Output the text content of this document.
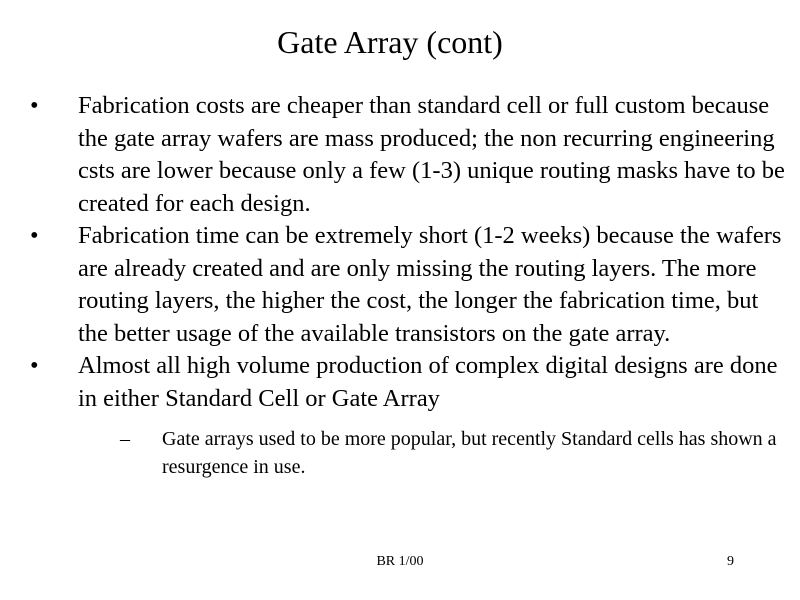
Gate Array (cont)
•	Fabrication costs are cheaper than standard cell or full custom because the gate array wafers are mass produced; the non recurring engineering csts are lower because only a few (1-3) unique routing masks have to be created for each design.
•	Fabrication time can be extremely short (1-2 weeks) because the wafers are already created and are only missing the routing layers. The more routing layers, the higher the cost, the longer the fabrication time, but the better usage of the available transistors on the gate array.
•	Almost all high volume production of complex digital designs are done in either Standard Cell or Gate Array
–	Gate arrays used to be more popular, but recently Standard cells has shown a resurgence in use.
BR 1/00	9
